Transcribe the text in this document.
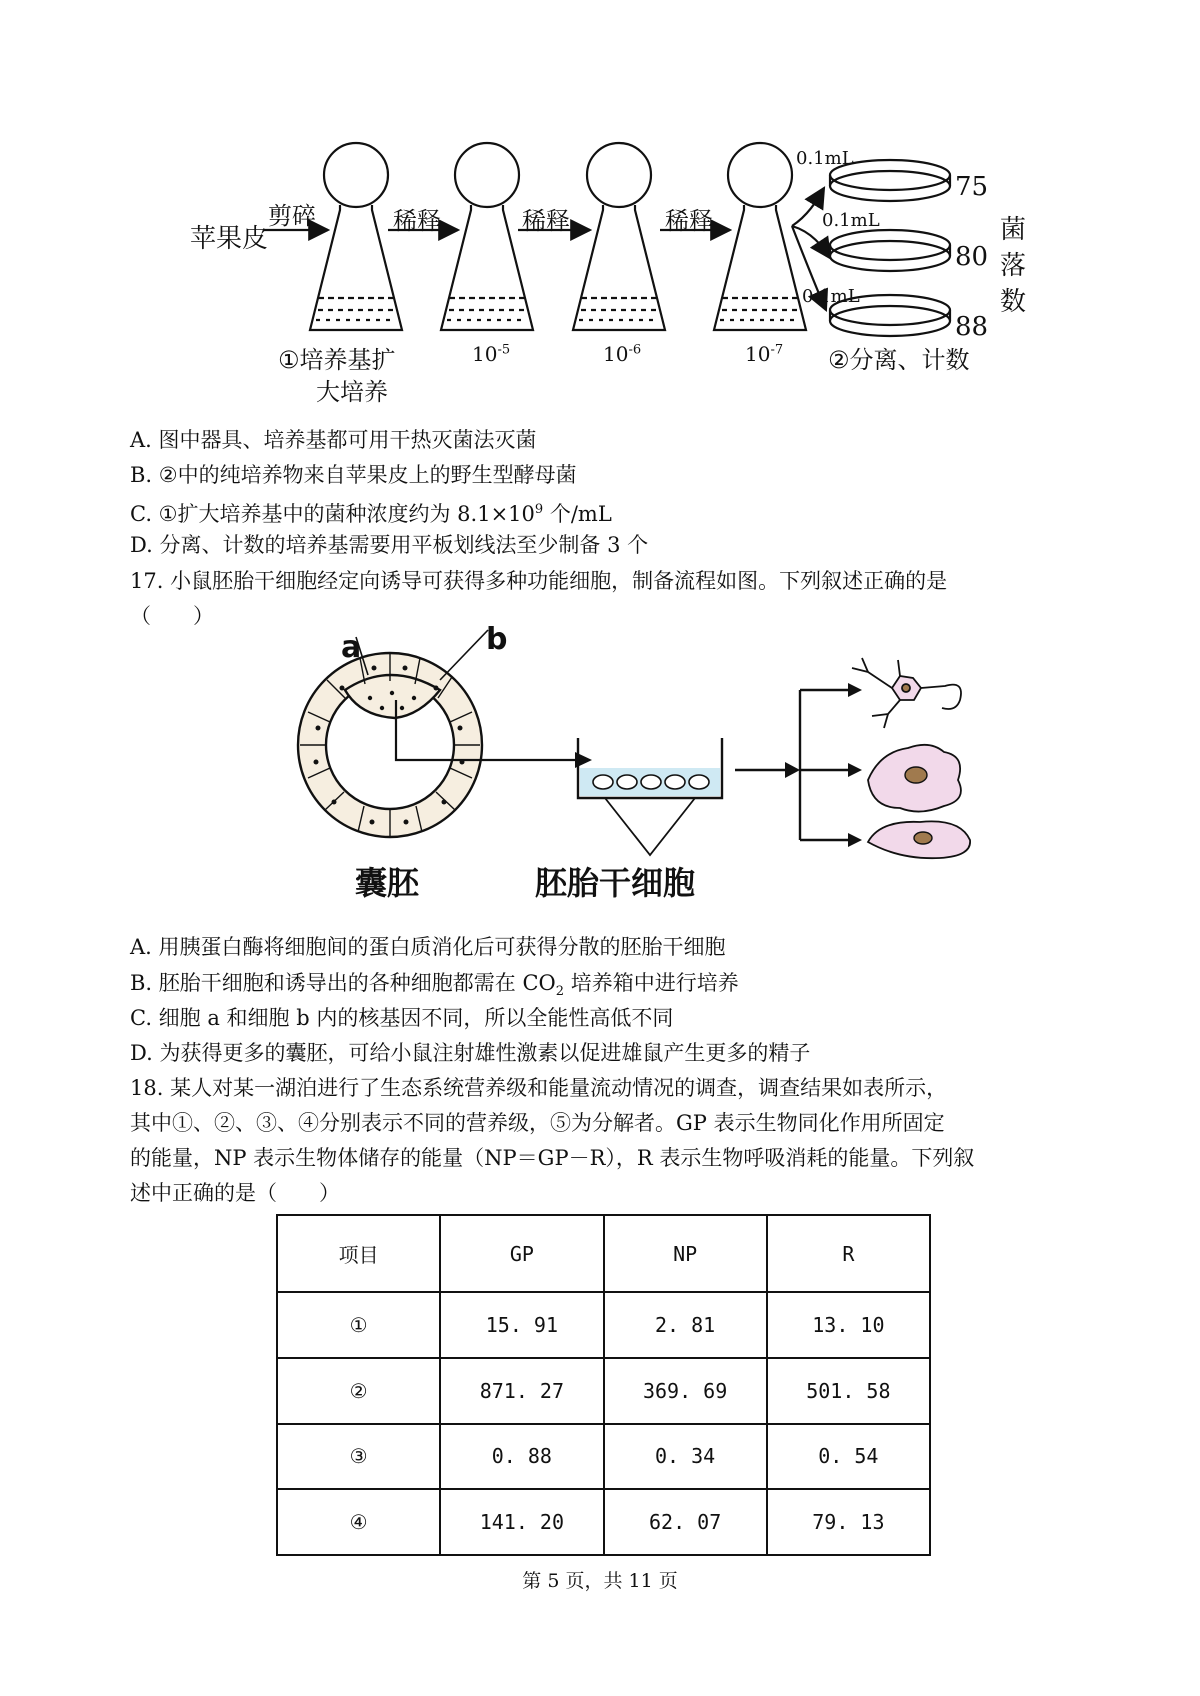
苹果皮
剪碎	稀释	稀释	稀释
①培养基扩
大培养
$10^{-5}$	$10^{-6}$	$10^{-7}$
0.1mL
0.1mL
0.1mL
75
80
88
菌落数
②分离、计数
A. 图中器具、培养基都可用干热灭菌法灭菌
B. ②中的纯培养物来自苹果皮上的野生型酵母菌
C. ①扩大培养基中的菌种浓度约为 $8.1\times 10^9$ 个/mL
D. 分离、计数的培养基需要用平板划线法至少制备 3 个
17. 小鼠胚胎干细胞经定向诱导可获得多种功能细胞，制备流程如图。下列叙述正确的是
（　　）
a	b
囊胚	胚胎干细胞
A. 用胰蛋白酶将细胞间的蛋白质消化后可获得分散的胚胎干细胞
B. 胚胎干细胞和诱导出的各种细胞都需在 $CO_2$ 培养箱中进行培养
C. 细胞 a 和细胞 b 内的核基因不同，所以全能性高低不同
D. 为获得更多的囊胚，可给小鼠注射雄性激素以促进雄鼠产生更多的精子
18. 某人对某一湖泊进行了生态系统营养级和能量流动情况的调查，调查结果如表所示，
其中①、②、③、④分别表示不同的营养级，⑤为分解者。GP 表示生物同化作用所固定
的能量，NP 表示生物体储存的能量（NP＝GP－R），R 表示生物呼吸消耗的能量。下列叙
述中正确的是（　　）
项目	GP	NP	R
①	15. 91	2. 81	13. 10
②	871. 27	369. 69	501. 58
③	0. 88	0. 34	0. 54
④	141. 20	62. 07	79. 13
第 5 页，共 11 页
